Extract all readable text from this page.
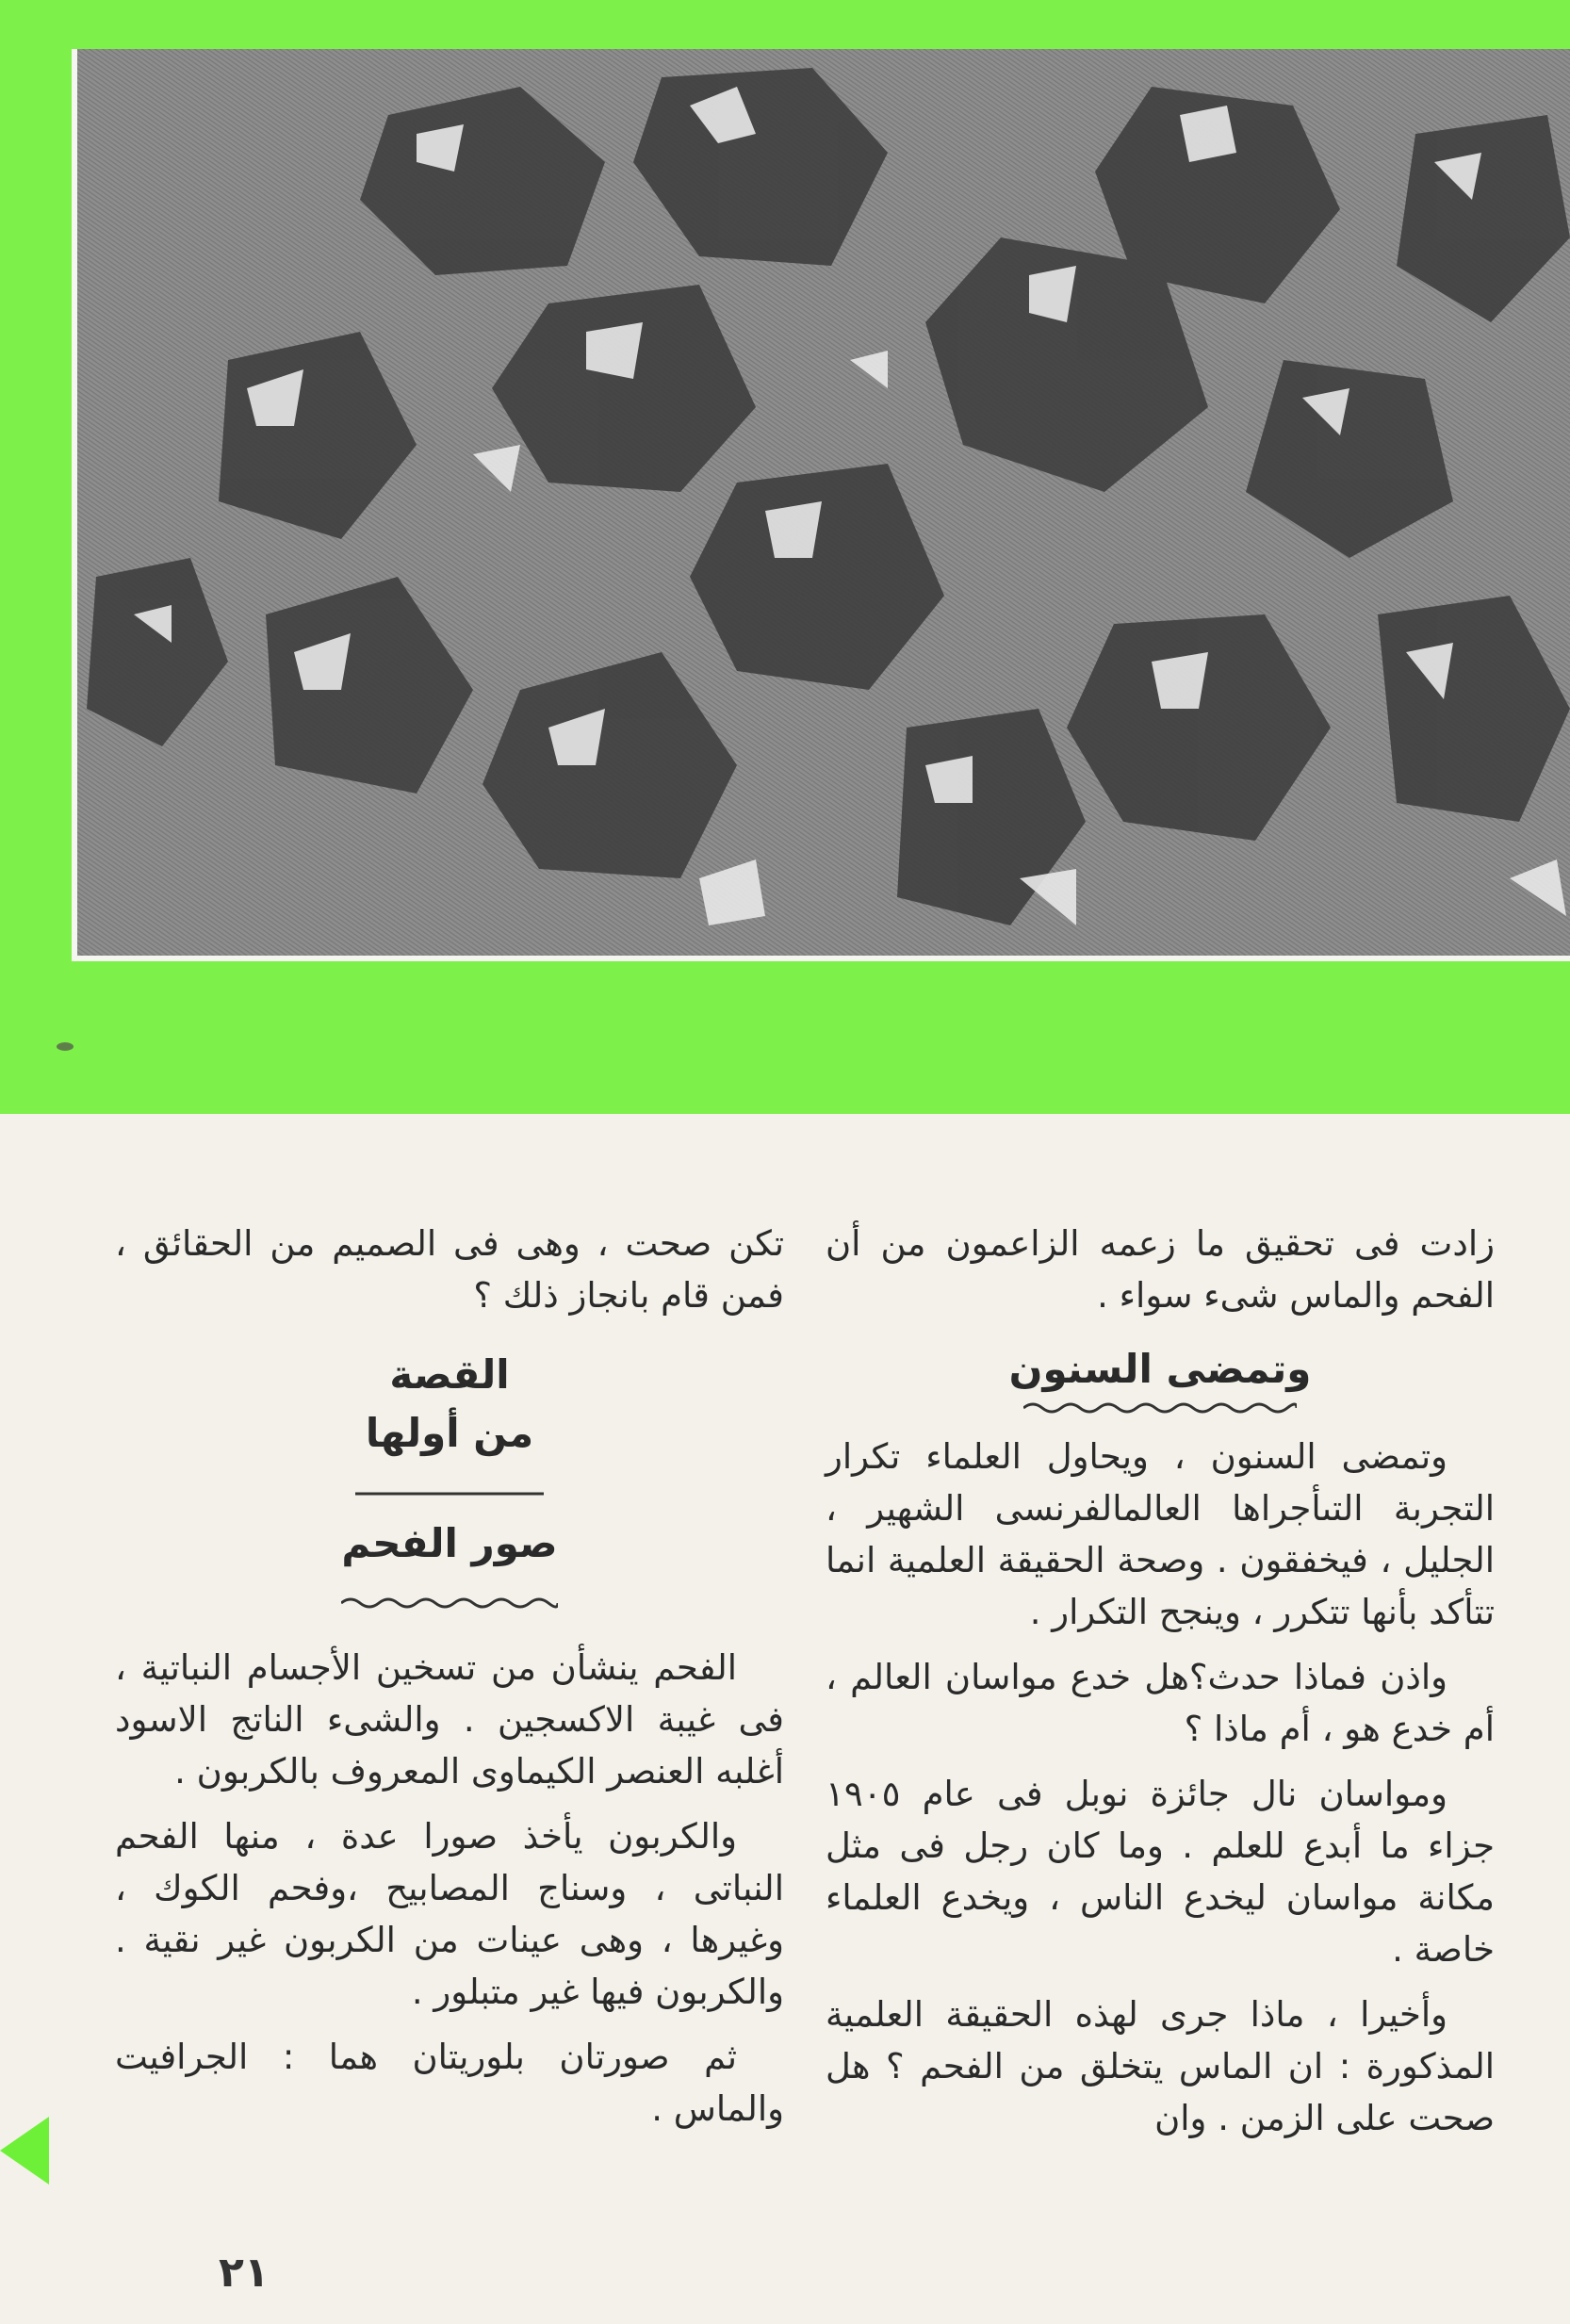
زادت فى تحقيق ما زعمه الزاعمون من أن الفحم والماس شىء سواء .

وتمضى السنون

وتمضى السنون ، ويحاول العلماء تكرار التجربة التىأجراها العالمالفرنسى الشهير ، الجليل ، فيخفقون . وصحة الحقيقة العلمية انما تتأكد بأنها تتكرر ، وينجح التكرار .

واذن فماذا حدث؟هل خدع مواسان العالم ، أم خدع هو ، أم ماذا ؟

ومواسان نال جائزة نوبل فى عام ١٩٠٥ جزاء ما أبدع للعلم . وما كان رجل فى مثل مكانة مواسان ليخدع الناس ، ويخدع العلماء خاصة .

وأخيرا ، ماذا جرى لهذه الحقيقة العلمية المذكورة : ان الماس يتخلق من الفحم ؟ هل صحت على الزمن . وان

تكن صحت ، وهى فى الصميم من الحقائق ، فمن قام بانجاز ذلك ؟

القصة
من أولها
صور الفحم

الفحم ينشأن من تسخين الأجسام النباتية ، فى غيبة الاكسجين . والشىء الناتج الاسود أغلبه العنصر الكيماوى المعروف بالكربون .

والكربون يأخذ صورا عدة ، منها الفحم النباتى ، وسناج المصابيح ،وفحم الكوك ، وغيرها ، وهى عينات من الكربون غير نقية . والكربون فيها غير متبلور .

ثم صورتان بلوريتان هما : الجرافيت والماس .

٢١
